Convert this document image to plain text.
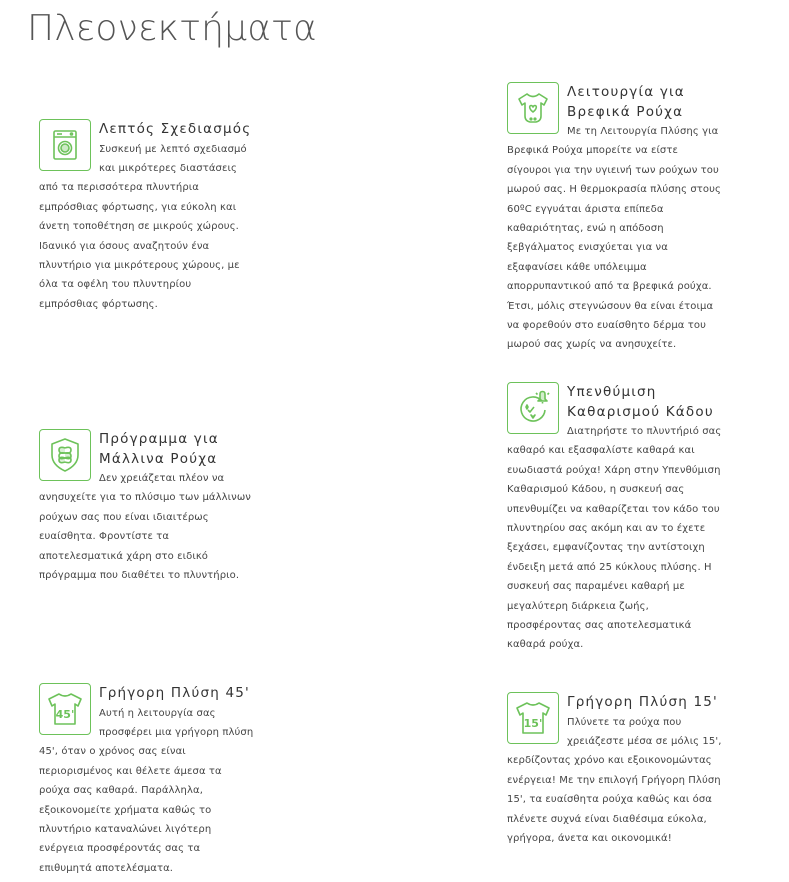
Πλεονεκτήματα
Λεπτός Σχεδιασμός
Συσκευή με λεπτό σχεδιασμό και μικρότερες διαστάσεις από τα περισσότερα πλυντήρια εμπρόσθιας φόρτωσης, για εύκολη και άνετη τοποθέτηση σε μικρούς χώρους. Ιδανικό για όσους αναζητούν ένα πλυντήριο για μικρότερους χώρους, με όλα τα οφέλη του πλυντηρίου εμπρόσθιας φόρτωσης.
Λειτουργία για Βρεφικά Ρούχα
Με τη Λειτουργία Πλύσης για Βρεφικά Ρούχα μπορείτε να είστε σίγουροι για την υγιεινή των ρούχων του μωρού σας. Η θερμοκρασία πλύσης στους 60ºC εγγυάται άριστα επίπεδα καθαριότητας, ενώ η απόδοση ξεβγάλματος ενισχύεται για να εξαφανίσει κάθε υπόλειμμα απορρυπαντικού από τα βρεφικά ρούχα. Έτσι, μόλις στεγνώσουν θα είναι έτοιμα να φορεθούν στο ευαίσθητο δέρμα του μωρού σας χωρίς να ανησυχείτε.
Πρόγραμμα για Μάλλινα Ρούχα
Δεν χρειάζεται πλέον να ανησυχείτε για το πλύσιμο των μάλλινων ρούχων σας που είναι ιδιαιτέρως ευαίσθητα. Φροντίστε τα αποτελεσματικά χάρη στο ειδικό πρόγραμμα που διαθέτει το πλυντήριο.
Υπενθύμιση Καθαρισμού Κάδου
Διατηρήστε το πλυντήριό σας καθαρό και εξασφαλίστε καθαρά και ευωδιαστά ρούχα! Χάρη στην Υπενθύμιση Καθαρισμού Κάδου, η συσκευή σας υπενθυμίζει να καθαρίζεται τον κάδο του πλυντηρίου σας ακόμη και αν το έχετε ξεχάσει, εμφανίζοντας την αντίστοιχη ένδειξη μετά από 25 κύκλους πλύσης. Η συσκευή σας παραμένει καθαρή με μεγαλύτερη διάρκεια ζωής, προσφέροντας σας αποτελεσματικά καθαρά ρούχα.
45'
Γρήγορη Πλύση 45'
Αυτή η λειτουργία σας προσφέρει μια γρήγορη πλύση 45', όταν ο χρόνος σας είναι περιορισμένος και θέλετε άμεσα τα ρούχα σας καθαρά. Παράλληλα, εξοικονομείτε χρήματα καθώς το πλυντήριο καταναλώνει λιγότερη ενέργεια προσφέροντάς σας τα επιθυμητά αποτελέσματα.
15'
Γρήγορη Πλύση 15'
Πλύνετε τα ρούχα που χρειάζεστε μέσα σε μόλις 15', κερδίζοντας χρόνο και εξοικονομώντας ενέργεια! Με την επιλογή Γρήγορη Πλύση 15', τα ευαίσθητα ρούχα καθώς και όσα πλένετε συχνά είναι διαθέσιμα εύκολα, γρήγορα, άνετα και οικονομικά!
